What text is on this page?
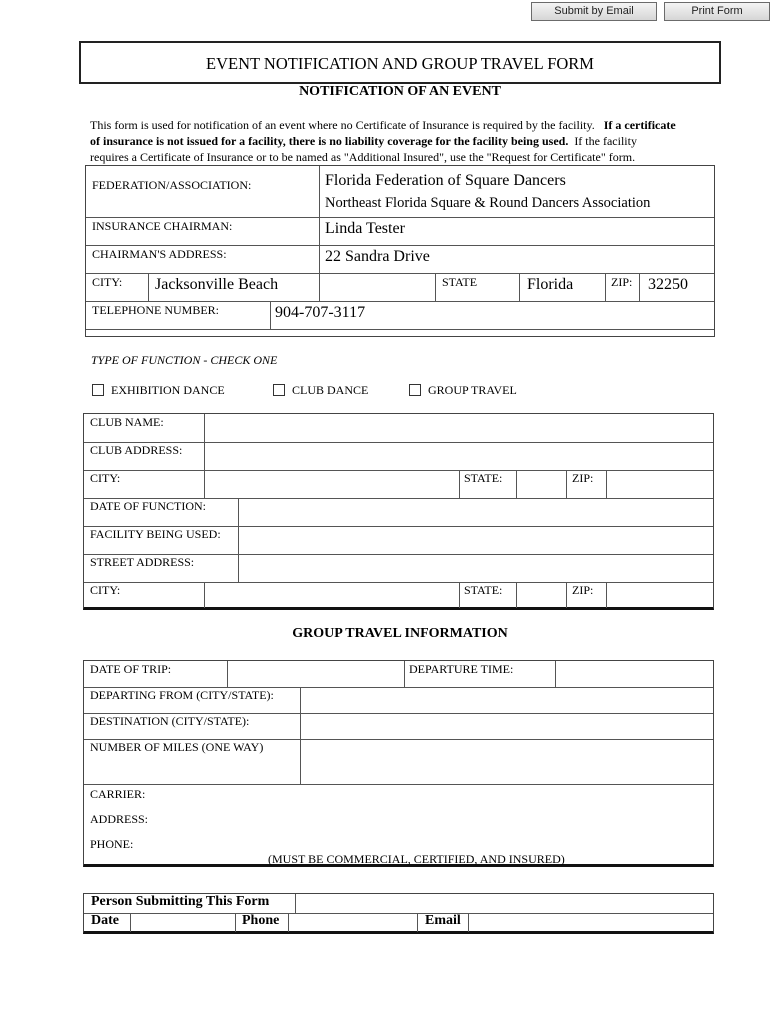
Submit by Email	Print Form
EVENT NOTIFICATION AND GROUP TRAVEL FORM
NOTIFICATION OF AN EVENT
This form is used for notification of an event where no Certificate of Insurance is required by the facility. If a certificate
of insurance is not issued for a facility, there is no liability coverage for the facility being used. If the facility
requires a Certificate of Insurance or to be named as "Additional Insured", use the "Request for Certificate" form.
FEDERATION/ASSOCIATION:	Florida Federation of Square Dancers
Northeast Florida Square & Round Dancers Association
INSURANCE CHAIRMAN:	Linda Tester
CHAIRMAN'S ADDRESS:	22 Sandra Drive
CITY: Jacksonville Beach	STATE	Florida	ZIP: 32250
TELEPHONE NUMBER:	904-707-3117
TYPE OF FUNCTION - CHECK ONE
EXHIBITION DANCE	CLUB DANCE	GROUP TRAVEL
CLUB NAME:
CLUB ADDRESS:
CITY:	STATE:	ZIP:
DATE OF FUNCTION:
FACILITY BEING USED:
STREET ADDRESS:
CITY:	STATE:	ZIP:
GROUP TRAVEL INFORMATION
DATE OF TRIP:	DEPARTURE TIME:
DEPARTING FROM (CITY/STATE):
DESTINATION (CITY/STATE):
NUMBER OF MILES (ONE WAY)
CARRIER:
ADDRESS:
PHONE:
(MUST BE COMMERCIAL, CERTIFIED, AND INSURED)
Person Submitting This Form
Date	Phone	Email
